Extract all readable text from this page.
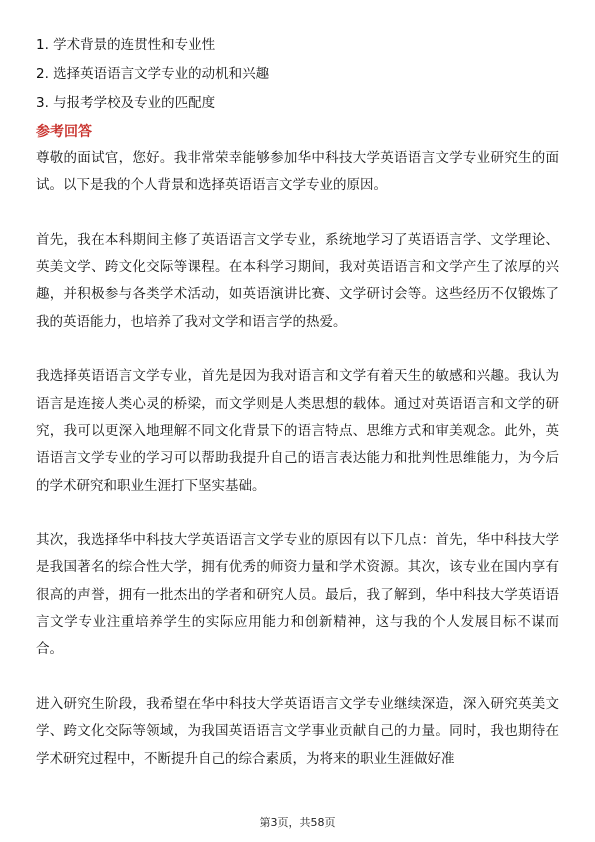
1. 学术背景的连贯性和专业性
2. 选择英语语言文学专业的动机和兴趣
3. 与报考学校及专业的匹配度
参考回答

尊敬的面试官，您好。我非常荣幸能够参加华中科技大学英语语言文学专业研究生的面试。以下是我的个人背景和选择英语语言文学专业的原因。

首先，我在本科期间主修了英语语言文学专业，系统地学习了英语语言学、文学理论、英美文学、跨文化交际等课程。在本科学习期间，我对英语语言和文学产生了浓厚的兴趣，并积极参与各类学术活动，如英语演讲比赛、文学研讨会等。这些经历不仅锻炼了我的英语能力，也培养了我对文学和语言学的热爱。

我选择英语语言文学专业，首先是因为我对语言和文学有着天生的敏感和兴趣。我认为语言是连接人类心灵的桥梁，而文学则是人类思想的载体。通过对英语语言和文学的研究，我可以更深入地理解不同文化背景下的语言特点、思维方式和审美观念。此外，英语语言文学专业的学习可以帮助我提升自己的语言表达能力和批判性思维能力，为今后的学术研究和职业生涯打下坚实基础。

其次，我选择华中科技大学英语语言文学专业的原因有以下几点：首先，华中科技大学是我国著名的综合性大学，拥有优秀的师资力量和学术资源。其次，该专业在国内享有很高的声誉，拥有一批杰出的学者和研究人员。最后，我了解到，华中科技大学英语语言文学专业注重培养学生的实际应用能力和创新精神，这与我的个人发展目标不谋而合。

进入研究生阶段，我希望在华中科技大学英语语言文学专业继续深造，深入研究英美文学、跨文化交际等领域，为我国英语语言文学事业贡献自己的力量。同时，我也期待在学术研究过程中，不断提升自己的综合素质，为将来的职业生涯做好准

第3页，共58页
